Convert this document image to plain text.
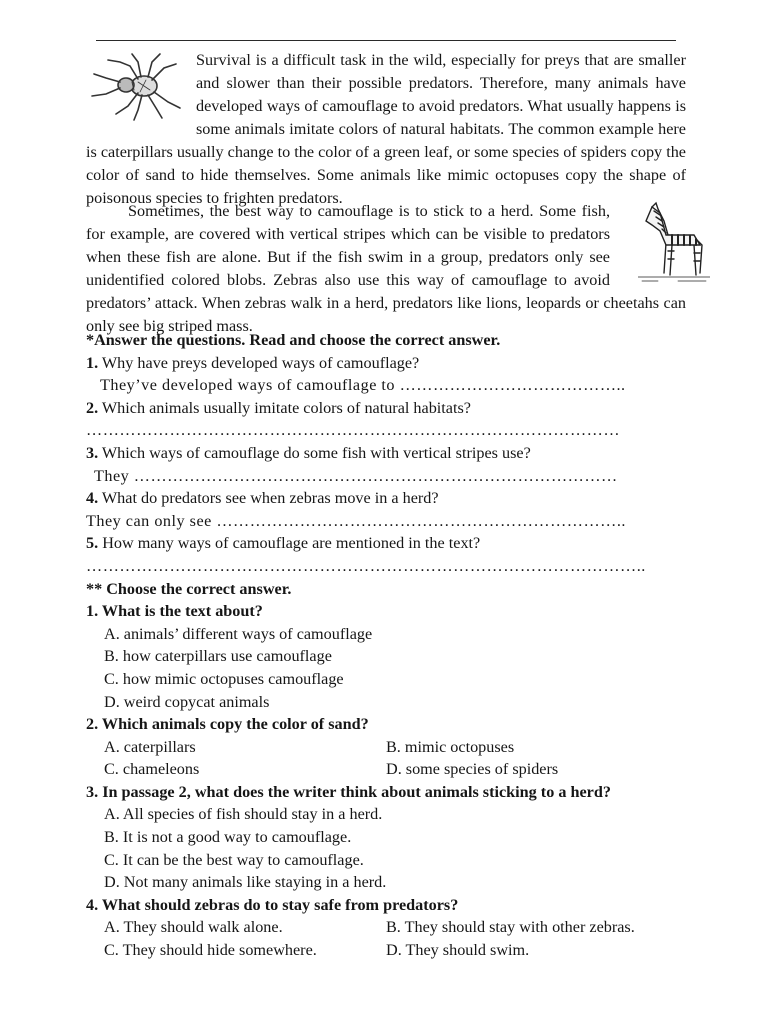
Survival is a difficult task in the wild, especially for preys that are smaller and slower than their possible predators. Therefore, many animals have developed ways of camouflage to avoid predators. What usually happens is some animals imitate colors of natural habitats. The common example here is caterpillars usually change to the color of a green leaf, or some species of spiders copy the color of sand to hide themselves. Some animals like mimic octopuses copy the shape of poisonous species to frighten predators.

Sometimes, the best way to camouflage is to stick to a herd. Some fish, for example, are covered with vertical stripes which can be visible to predators when these fish are alone. But if the fish swim in a group, predators only see unidentified colored blobs. Zebras also use this way of camouflage to avoid predators’ attack. When zebras walk in a herd, predators like lions, leopards or cheetahs can only see big striped mass.

*Answer the questions. Read and choose the correct answer.
1. Why have preys developed ways of camouflage?
They’ve developed ways of camouflage to …………………………………..
2. Which animals usually imitate colors of natural habitats?
……………………………………………………………………………………
3. Which ways of camouflage do some fish with vertical stripes use?
They ……………………………………………………………………………
4. What do predators see when zebras move in a herd?
They can only see ………………………………………………………………..
5. How many ways of camouflage are mentioned in the text?
………………………………………………………………………………………..
** Choose the correct answer.
1. What is the text about?
A. animals’ different ways of camouflage
B. how caterpillars use camouflage
C. how mimic octopuses camouflage
D. weird copycat animals
2. Which animals copy the color of sand?
A. caterpillars	B. mimic octopuses
C. chameleons	D. some species of spiders
3. In passage 2, what does the writer think about animals sticking to a herd?
A. All species of fish should stay in a herd.
B. It is not a good way to camouflage.
C. It can be the best way to camouflage.
D. Not many animals like staying in a herd.
4. What should zebras do to stay safe from predators?
A. They should walk alone.	B. They should stay with other zebras.
C. They should hide somewhere.	D. They should swim.
